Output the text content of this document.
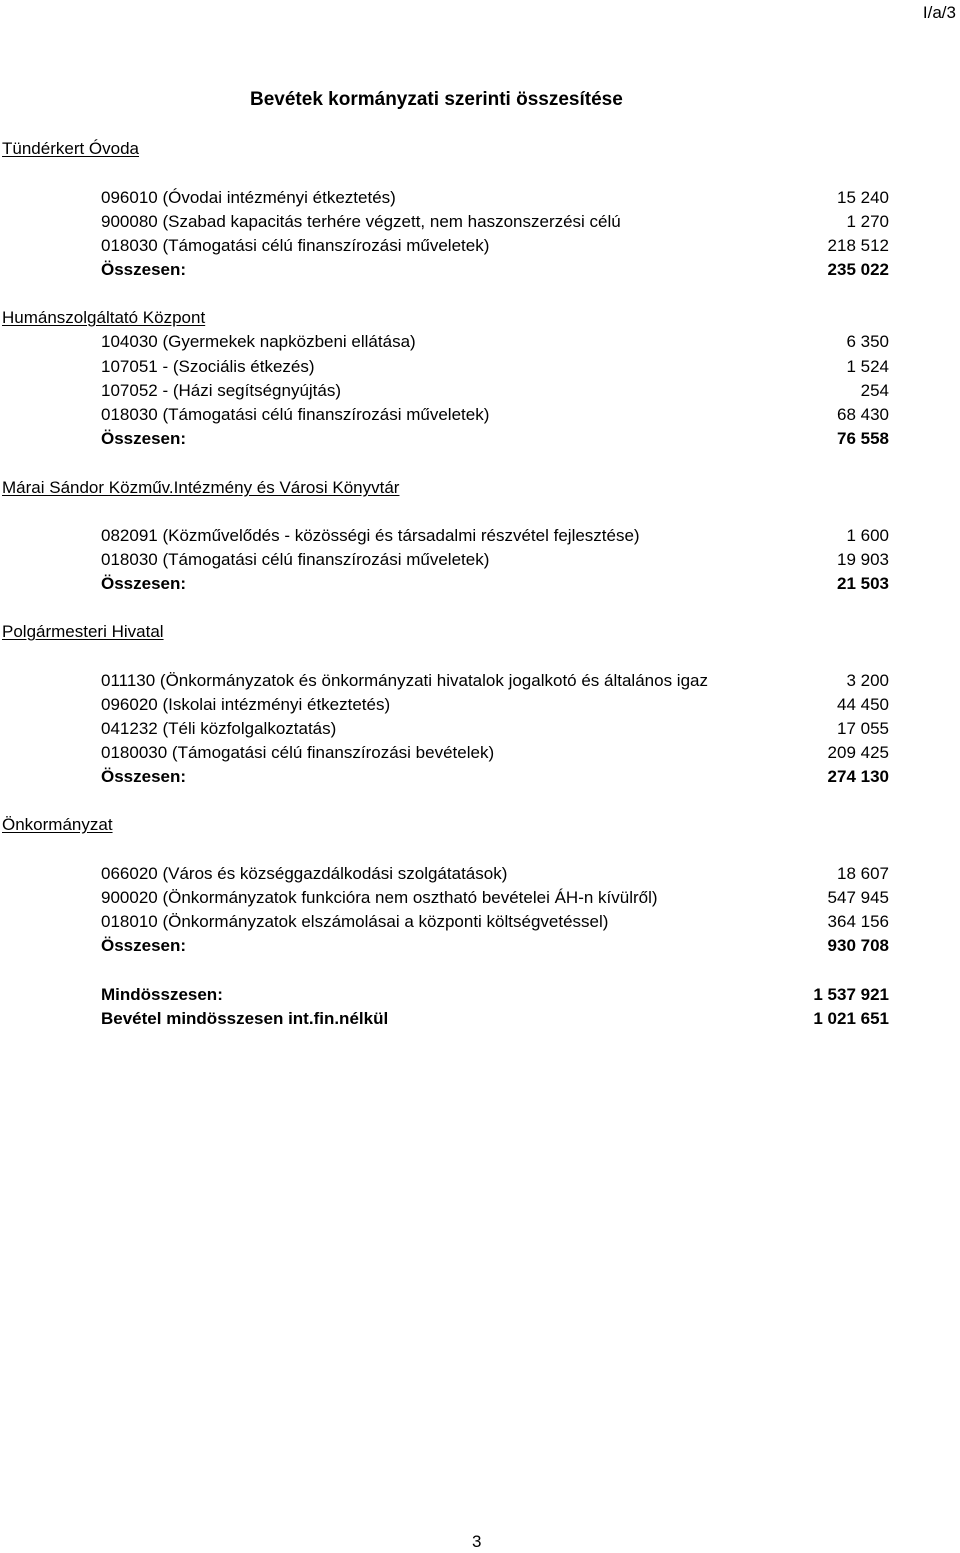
I/a/3
Bevétek kormányzati szerinti összesítése
Tündérkert Óvoda
096010 (Óvodai intézményi étkeztetés)	15 240
900080 (Szabad kapacitás terhére végzett, nem haszonszerzési célú	1 270
018030 (Támogatási célú finanszírozási műveletek)	218 512
Összesen:	235 022
Humánszolgáltató Központ
104030 (Gyermekek napközbeni ellátása)	6 350
107051 - (Szociális étkezés)	1 524
107052 - (Házi segítségnyújtás)	254
018030 (Támogatási célú finanszírozási műveletek)	68 430
Összesen:	76 558
Márai Sándor Közműv.Intézmény és Városi Könyvtár
082091 (Közművelődés - közösségi és társadalmi részvétel fejlesztése)	1 600
018030 (Támogatási célú finanszírozási műveletek)	19 903
Összesen:	21 503
Polgármesteri Hivatal
011130 (Önkormányzatok és önkormányzati hivatalok jogalkotó és általános igaz	3 200
096020 (Iskolai intézményi étkeztetés)	44 450
041232 (Téli közfolgalkoztatás)	17 055
0180030 (Támogatási célú finanszírozási bevételek)	209 425
Összesen:	274 130
Önkormányzat
066020 (Város és községgazdálkodási szolgátatások)	18 607
900020 (Önkormányzatok funkcióra nem osztható bevételei ÁH-n kívülről)	547 945
018010 (Önkormányzatok elszámolásai a központi költségvetéssel)	364 156
Összesen:	930 708
Mindösszesen:	1 537 921
Bevétel mindösszesen int.fin.nélkül	1 021 651
3
